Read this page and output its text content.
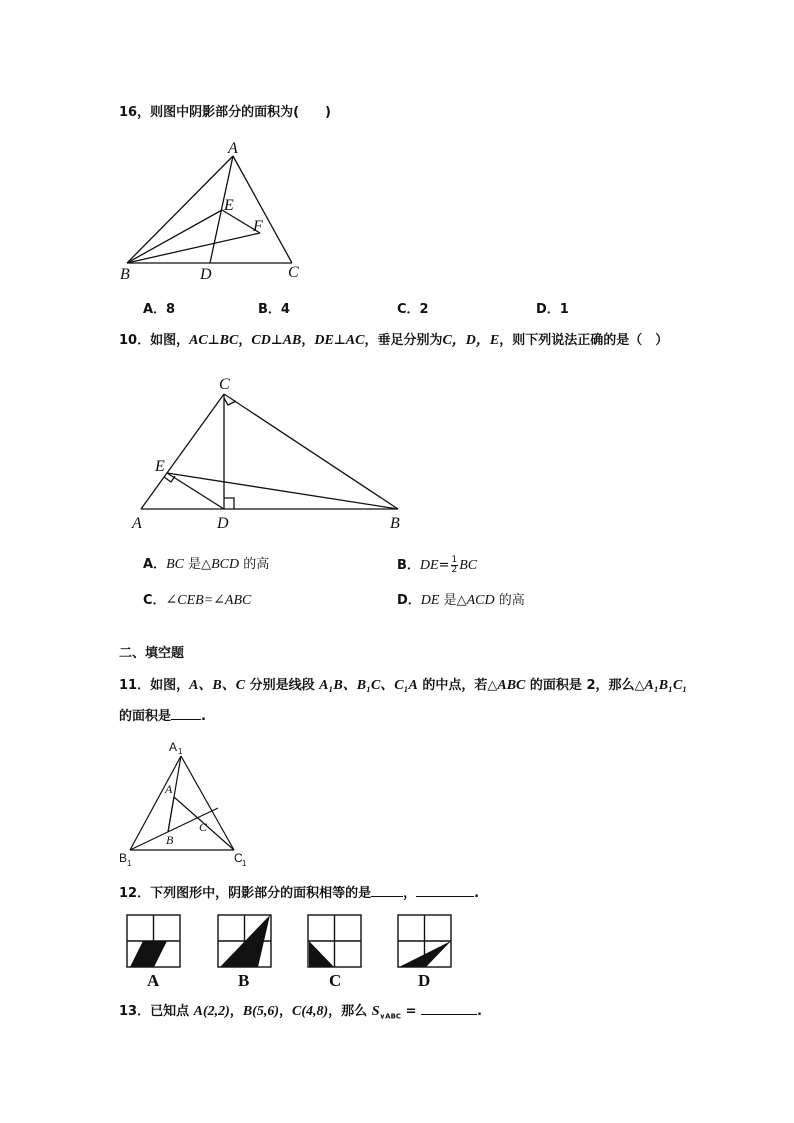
16，则图中阴影部分的面积为(　　)
A
E
F
B	D	C
C
E
A	D	B
A 1
A
B
C
B 1	C 1
A	B	C	D
A．8	B．4	C．2	D．1
10．如图，AC⊥BC，CD⊥AB，DE⊥AC，垂足分别为C，D，E，则下列说法正确的是（　）
A．BC 是△BCD 的高	B．$DE= \frac{1}{2}$ BC
C．∠CEB=∠ABC	D．DE 是△ACD 的高
二、填空题
11．如图，A、B、C 分别是线段 A₁B、B₁C、C₁A 的中点，若△ABC 的面积是 2，那么△A₁B₁C₁
的面积是 .
12．下列图形中，阴影部分的面积相等的是 ，	.
13．已知点 A(2,2)，B(5,6)，C(4,8)，那么 $S_{\vee ABC}$ =	.
